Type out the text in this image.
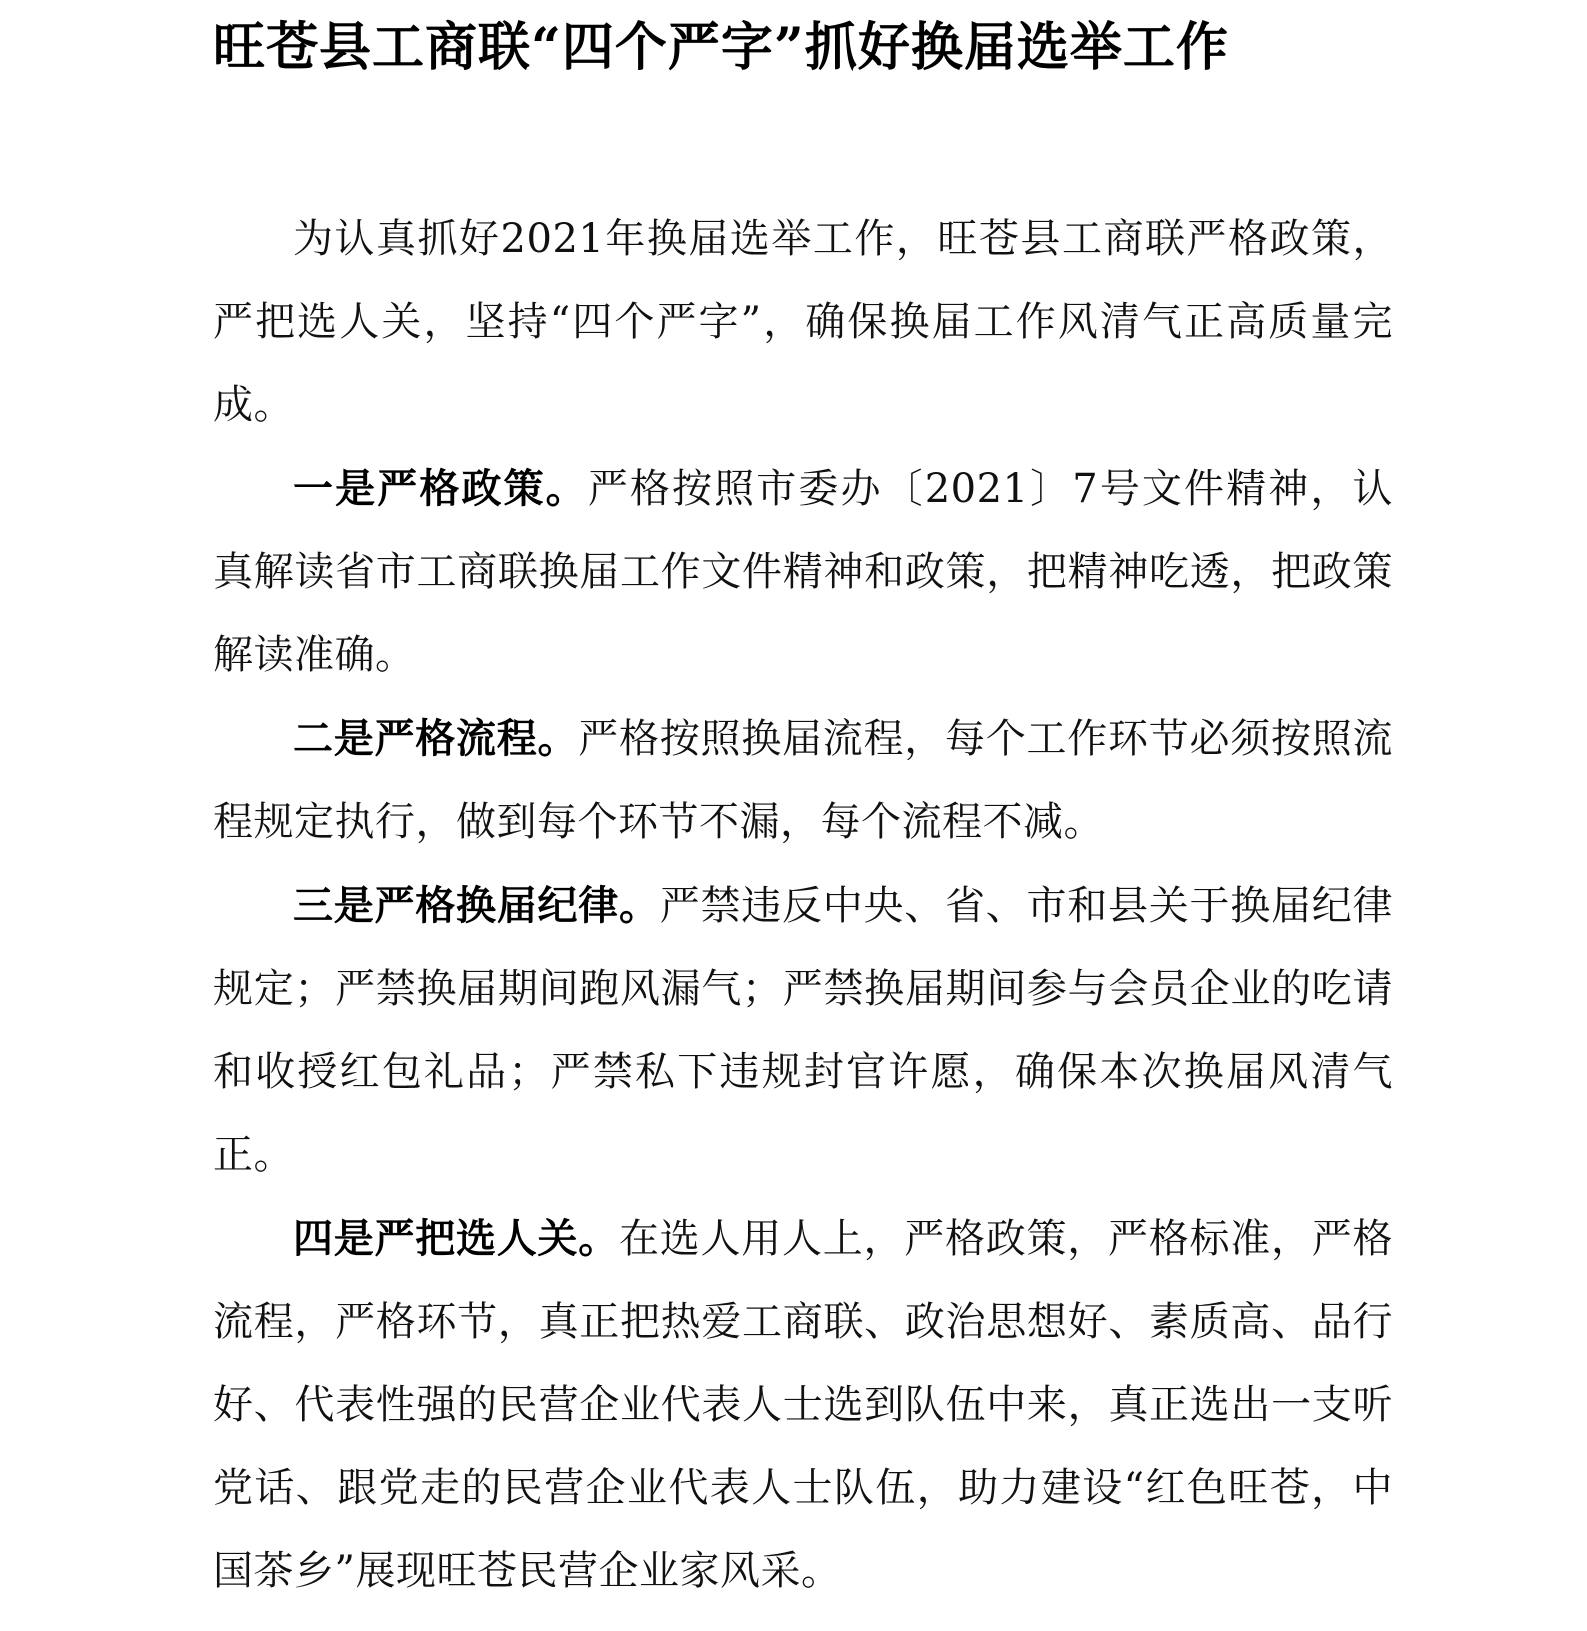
旺苍县工商联“四个严字”抓好换届选举工作

为认真抓好2021年换届选举工作，旺苍县工商联严格政策，严把选人关，坚持“四个严字”，确保换届工作风清气正高质量完成。

一是严格政策。严格按照市委办〔2021〕7号文件精神，认真解读省市工商联换届工作文件精神和政策，把精神吃透，把政策解读准确。

二是严格流程。严格按照换届流程，每个工作环节必须按照流程规定执行，做到每个环节不漏，每个流程不减。

三是严格换届纪律。严禁违反中央、省、市和县关于换届纪律规定；严禁换届期间跑风漏气；严禁换届期间参与会员企业的吃请和收授红包礼品；严禁私下违规封官许愿，确保本次换届风清气正。

四是严把选人关。在选人用人上，严格政策，严格标准，严格流程，严格环节，真正把热爱工商联、政治思想好、素质高、品行好、代表性强的民营企业代表人士选到队伍中来，真正选出一支听党话、跟党走的民营企业代表人士队伍，助力建设“红色旺苍，中国茶乡”展现旺苍民营企业家风采。
